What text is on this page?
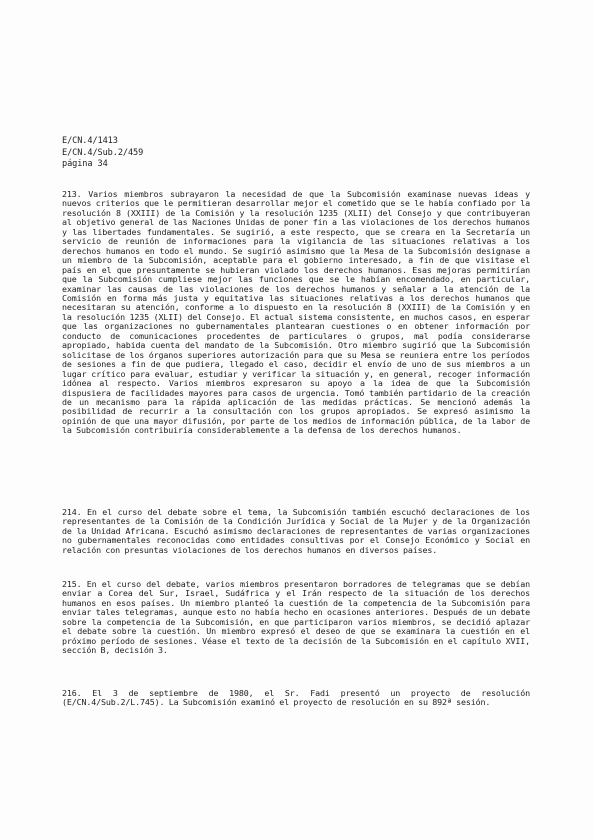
E/CN.4/1413
E/CN.4/Sub.2/459
página 34
213. Varios miembros subrayaron la necesidad de que la Subcomisión examinase nuevas ideas y nuevos criterios que le permitieran desarrollar mejor el cometido que se le había confiado por la resolución 8 (XXIII) de la Comisión y la resolución 1235 (XLII) del Consejo y que contribuyeran al objetivo general de las Naciones Unidas de poner fin a las violaciones de los derechos humanos y las libertades fundamentales. Se sugirió, a este respecto, que se creara en la Secretaría un servicio de reunión de informaciones para la vigilancia de las situaciones relativas a los derechos humanos en todo el mundo. Se sugirió asimismo que la Mesa de la Subcomisión designase a un miembro de la Subcomisión, aceptable para el gobierno interesado, a fin de que visitase el país en el que presuntamente se hubieran violado los derechos humanos. Esas mejoras permitirían que la Subcomisión cumpliese mejor las funciones que se le habían encomendado, en particular, examinar las causas de las violaciones de los derechos humanos y señalar a la atención de la Comisión en forma más justa y equitativa las situaciones relativas a los derechos humanos que necesitaran su atención, conforme a lo dispuesto en la resolución 8 (XXIII) de la Comisión y en la resolución 1235 (XLII) del Consejo. El actual sistema consistente, en muchos casos, en esperar que las organizaciones no gubernamentales plantearan cuestiones o en obtener información por conducto de comunicaciones procedentes de particulares o grupos, mal podía considerarse apropiado, habida cuenta del mandato de la Subcomisión. Otro miembro sugirió que la Subcomisión solicitase de los órganos superiores autorización para que su Mesa se reuniera entre los períodos de sesiones a fin de que pudiera, llegado el caso, decidir el envío de uno de sus miembros a un lugar crítico para evaluar, estudiar y verificar la situación y, en general, recoger información idónea al respecto. Varios miembros expresaron su apoyo a la idea de que la Subcomisión dispusiera de facilidades mayores para casos de urgencia. Tomó también partidario de la creación de un mecanismo para la rápida aplicación de las medidas prácticas. Se mencionó además la posibilidad de recurrir a la consultación con los grupos apropiados. Se expresó asimismo la opinión de que una mayor difusión, por parte de los medios de información pública, de la labor de la Subcomisión contribuiría considerablemente a la defensa de los derechos humanos.
214. En el curso del debate sobre el tema, la Subcomisión también escuchó declaraciones de los representantes de la Comisión de la Condición Jurídica y Social de la Mujer y de la Organización de la Unidad Africana. Escuchó asimismo declaraciones de representantes de varias organizaciones no gubernamentales reconocidas como entidades consultivas por el Consejo Económico y Social en relación con presuntas violaciones de los derechos humanos en diversos países.
215. En el curso del debate, varios miembros presentaron borradores de telegramas que se debían enviar a Corea del Sur, Israel, Sudáfrica y el Irán respecto de la situación de los derechos humanos en esos países. Un miembro planteó la cuestión de la competencia de la Subcomisión para enviar tales telegramas, aunque esto no había hecho en ocasiones anteriores. Después de un debate sobre la competencia de la Subcomisión, en que participaron varios miembros, se decidió aplazar el debate sobre la cuestión. Un miembro expresó el deseo de que se examinara la cuestión en el próximo período de sesiones. Véase el texto de la decisión de la Subcomisión en el capítulo XVII, sección B, decisión 3.
216. El 3 de septiembre de 1980, el Sr. Fadi presentó un proyecto de resolución (E/CN.4/Sub.2/L.745). La Subcomisión examinó el proyecto de resolución en su 892ª sesión.
